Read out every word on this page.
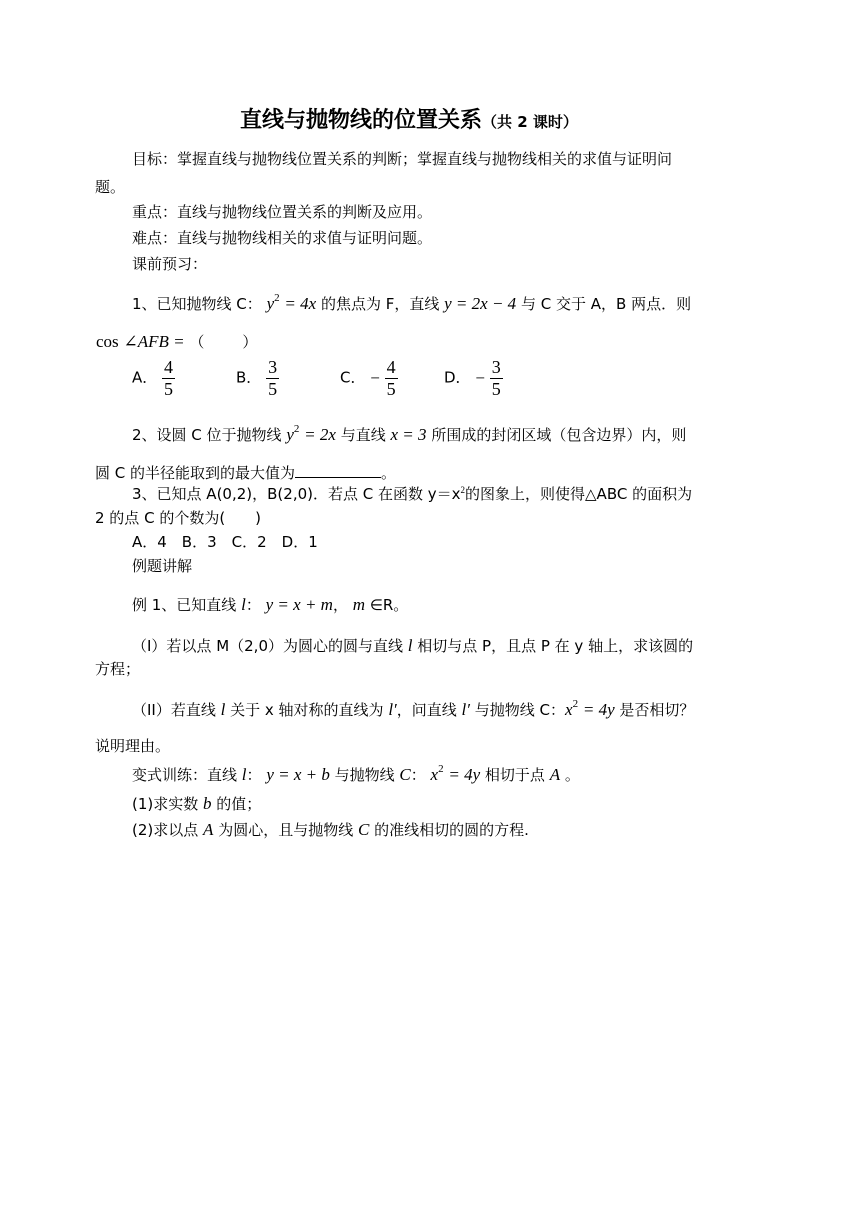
直线与抛物线的位置关系（共 2 课时）
目标：掌握直线与抛物线位置关系的判断；掌握直线与抛物线相关的求值与证明问
题。
重点：直线与抛物线位置关系的判断及应用。
难点：直线与抛物线相关的求值与证明问题。
课前预习：
1、已知抛物线 C： $y^2 = 4x$ 的焦点为 F，直线 y = 2x − 4 与 C 交于 A，B 两点．则
cos ∠AFB = （	）
A． $\frac{4}{5}$	B． $\frac{3}{5}$	C． − $\frac{4}{5}$	D． − $\frac{3}{5}$
2、设圆 C 位于抛物线 $y^2 = 2x$ 与直线 x = 3 所围成的封闭区域（包含边界）内，则
圆 C 的半径能取到的最大值为	。
3、已知点 A(0,2)，B(2,0)．若点 C 在函数 $y=x^2$的图象上，则使得△ABC 的面积为
2 的点 C 的个数为(　　)
A．4　B．3　C．2　D．1
例题讲解
例 1、已知直线 l： y = x + m， m ∈R。
（I）若以点 M（2,0）为圆心的圆与直线 l 相切与点 P，且点 P 在 y 轴上，求该圆的
方程；
（II）若直线 l 关于 x 轴对称的直线为 l′，问直线 l′ 与抛物线 C：$x^2 = 4y$ 是否相切？
说明理由。
变式训练：直线 l： y = x + b 与抛物线 C： $x^2 = 4y$ 相切于点 A 。
(1)求实数 b 的值；
(2)求以点 A 为圆心，且与抛物线 C 的准线相切的圆的方程.
